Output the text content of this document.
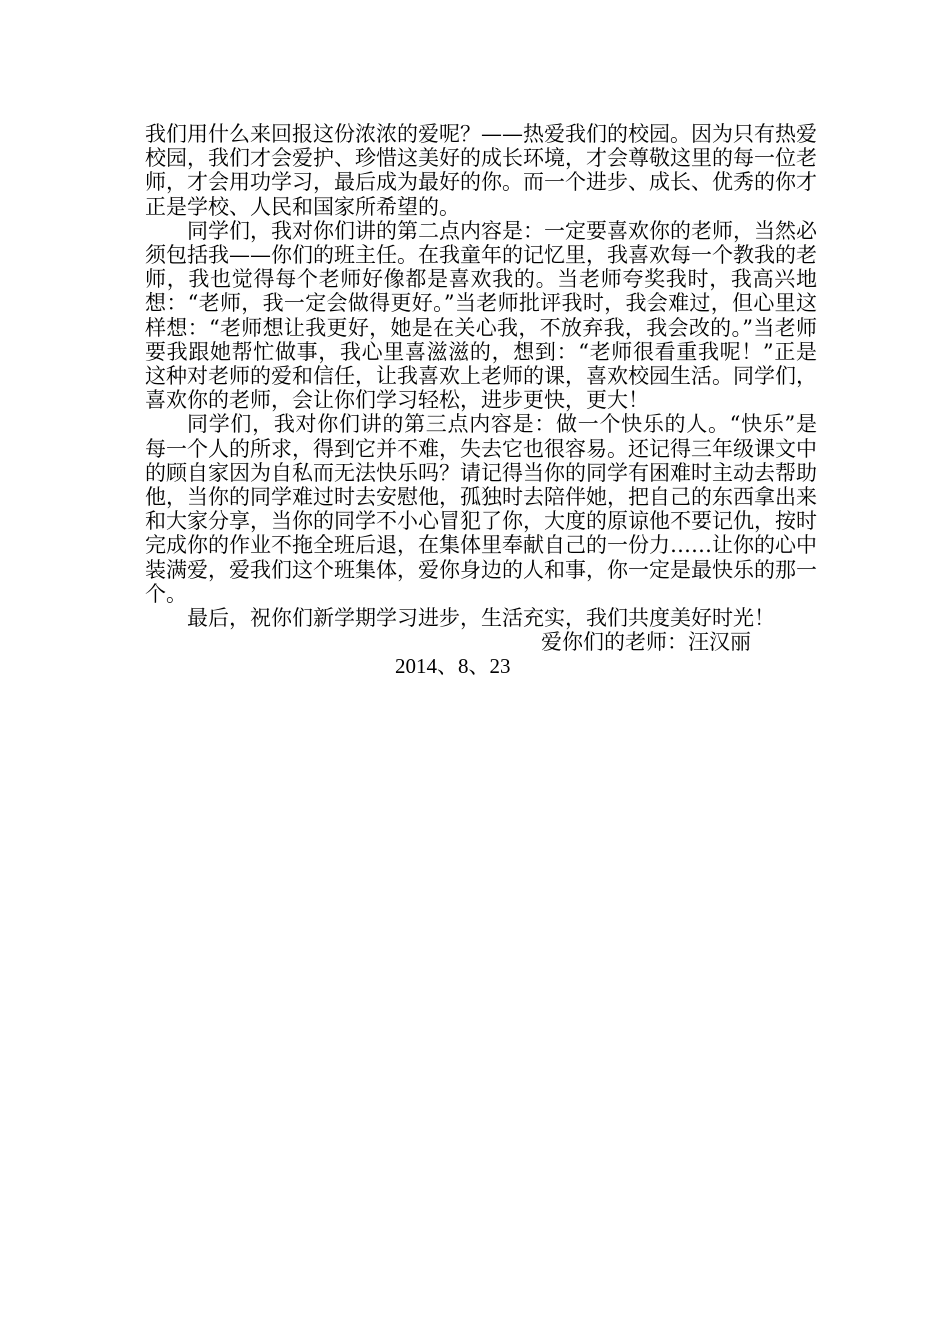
我们用什么来回报这份浓浓的爱呢？——热爱我们的校园。因为只有热爱校园，我们才会爱护、珍惜这美好的成长环境，才会尊敬这里的每一位老师，才会用功学习，最后成为最好的你。而一个进步、成长、优秀的你才正是学校、人民和国家所希望的。

同学们，我对你们讲的第二点内容是：一定要喜欢你的老师，当然必须包括我——你们的班主任。在我童年的记忆里，我喜欢每一个教我的老师，我也觉得每个老师好像都是喜欢我的。当老师夸奖我时，我高兴地想：“老师，我一定会做得更好。”当老师批评我时，我会难过，但心里这样想：“老师想让我更好，她是在关心我，不放弃我，我会改的。”当老师要我跟她帮忙做事，我心里喜滋滋的，想到：“老师很看重我呢！”正是这种对老师的爱和信任，让我喜欢上老师的课，喜欢校园生活。同学们，喜欢你的老师，会让你们学习轻松，进步更快，更大！

同学们，我对你们讲的第三点内容是：做一个快乐的人。“快乐”是每一个人的所求，得到它并不难，失去它也很容易。还记得三年级课文中的顾自家因为自私而无法快乐吗？请记得当你的同学有困难时主动去帮助他，当你的同学难过时去安慰他，孤独时去陪伴她，把自己的东西拿出来和大家分享，当你的同学不小心冒犯了你，大度的原谅他不要记仇，按时完成你的作业不拖全班后退，在集体里奉献自己的一份力……让你的心中装满爱，爱我们这个班集体，爱你身边的人和事，你一定是最快乐的那一个。

最后，祝你们新学期学习进步，生活充实，我们共度美好时光！

爱你们的老师：汪汉丽

2014、8、23
